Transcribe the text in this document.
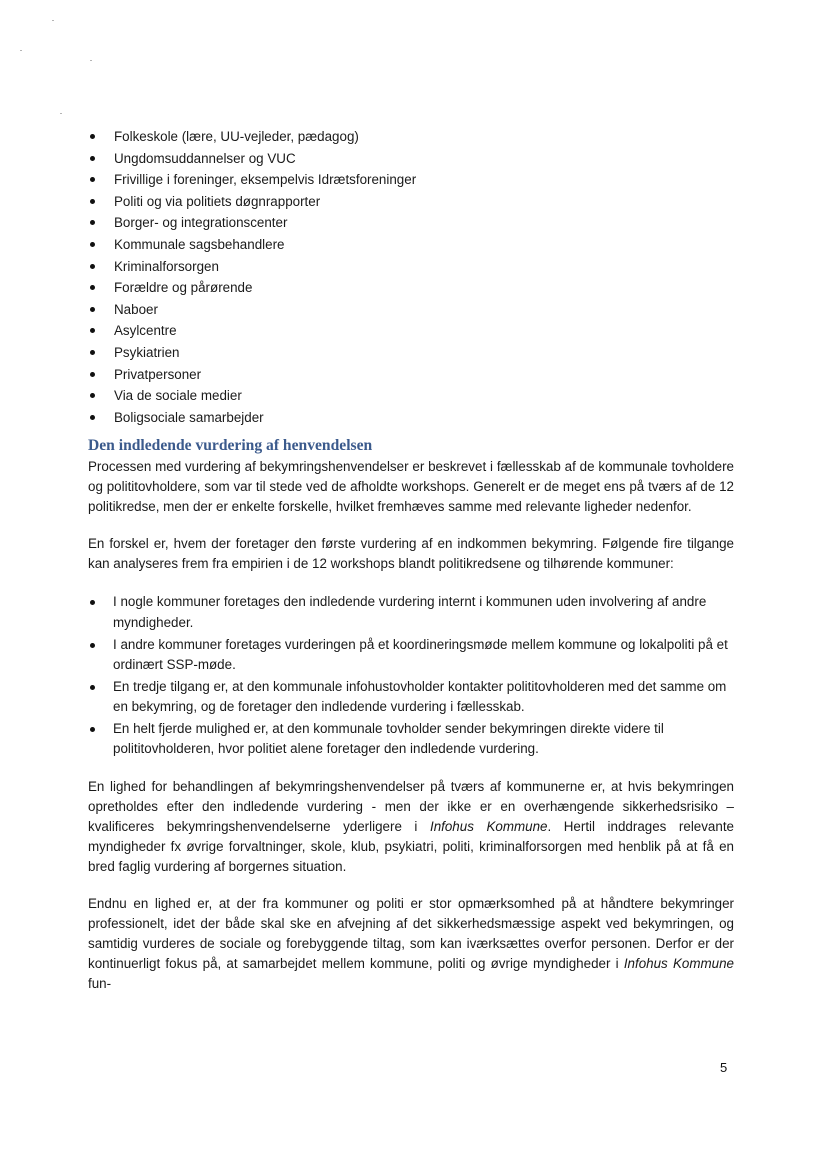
Folkeskole (lære, UU-vejleder, pædagog)
Ungdomsuddannelser og VUC
Frivillige i foreninger, eksempelvis Idrætsforeninger
Politi og via politiets døgnrapporter
Borger- og integrationscenter
Kommunale sagsbehandlere
Kriminalforsorgen
Forældre og pårørende
Naboer
Asylcentre
Psykiatrien
Privatpersoner
Via de sociale medier
Boligsociale samarbejder
Den indledende vurdering af henvendelsen

Processen med vurdering af bekymringshenvendelser er beskrevet i fællesskab af de kommunale tovholdere og polititovholdere, som var til stede ved de afholdte workshops. Generelt er de meget ens på tværs af de 12 politikredse, men der er enkelte forskelle, hvilket fremhæves samme med relevante ligheder nedenfor.

En forskel er, hvem der foretager den første vurdering af en indkommen bekymring. Følgende fire tilgange kan analyseres frem fra empirien i de 12 workshops blandt politikredsene og tilhørende kommuner:

I nogle kommuner foretages den indledende vurdering internt i kommunen uden involvering af andre myndigheder.
I andre kommuner foretages vurderingen på et koordineringsmøde mellem kommune og lokalpoliti på et ordinært SSP-møde.
En tredje tilgang er, at den kommunale infohustovholder kontakter polititovholderen med det samme om en bekymring, og de foretager den indledende vurdering i fællesskab.
En helt fjerde mulighed er, at den kommunale tovholder sender bekymringen direkte videre til polititovholderen, hvor politiet alene foretager den indledende vurdering.

En lighed for behandlingen af bekymringshenvendelser på tværs af kommunerne er, at hvis bekymringen opretholdes efter den indledende vurdering - men der ikke er en overhængende sikkerhedsrisiko – kvalificeres bekymringshenvendelserne yderligere i Infohus Kommune. Hertil inddrages relevante myndigheder fx øvrige forvaltninger, skole, klub, psykiatri, politi, kriminalforsorgen med henblik på at få en bred faglig vurdering af borgernes situation.

Endnu en lighed er, at der fra kommuner og politi er stor opmærksomhed på at håndtere bekymringer professionelt, idet der både skal ske en afvejning af det sikkerhedsmæssige aspekt ved bekymringen, og samtidig vurderes de sociale og forebyggende tiltag, som kan iværksættes overfor personen. Derfor er der kontinuerligt fokus på, at samarbejdet mellem kommune, politi og øvrige myndigheder i Infohus Kommune fun-

5
